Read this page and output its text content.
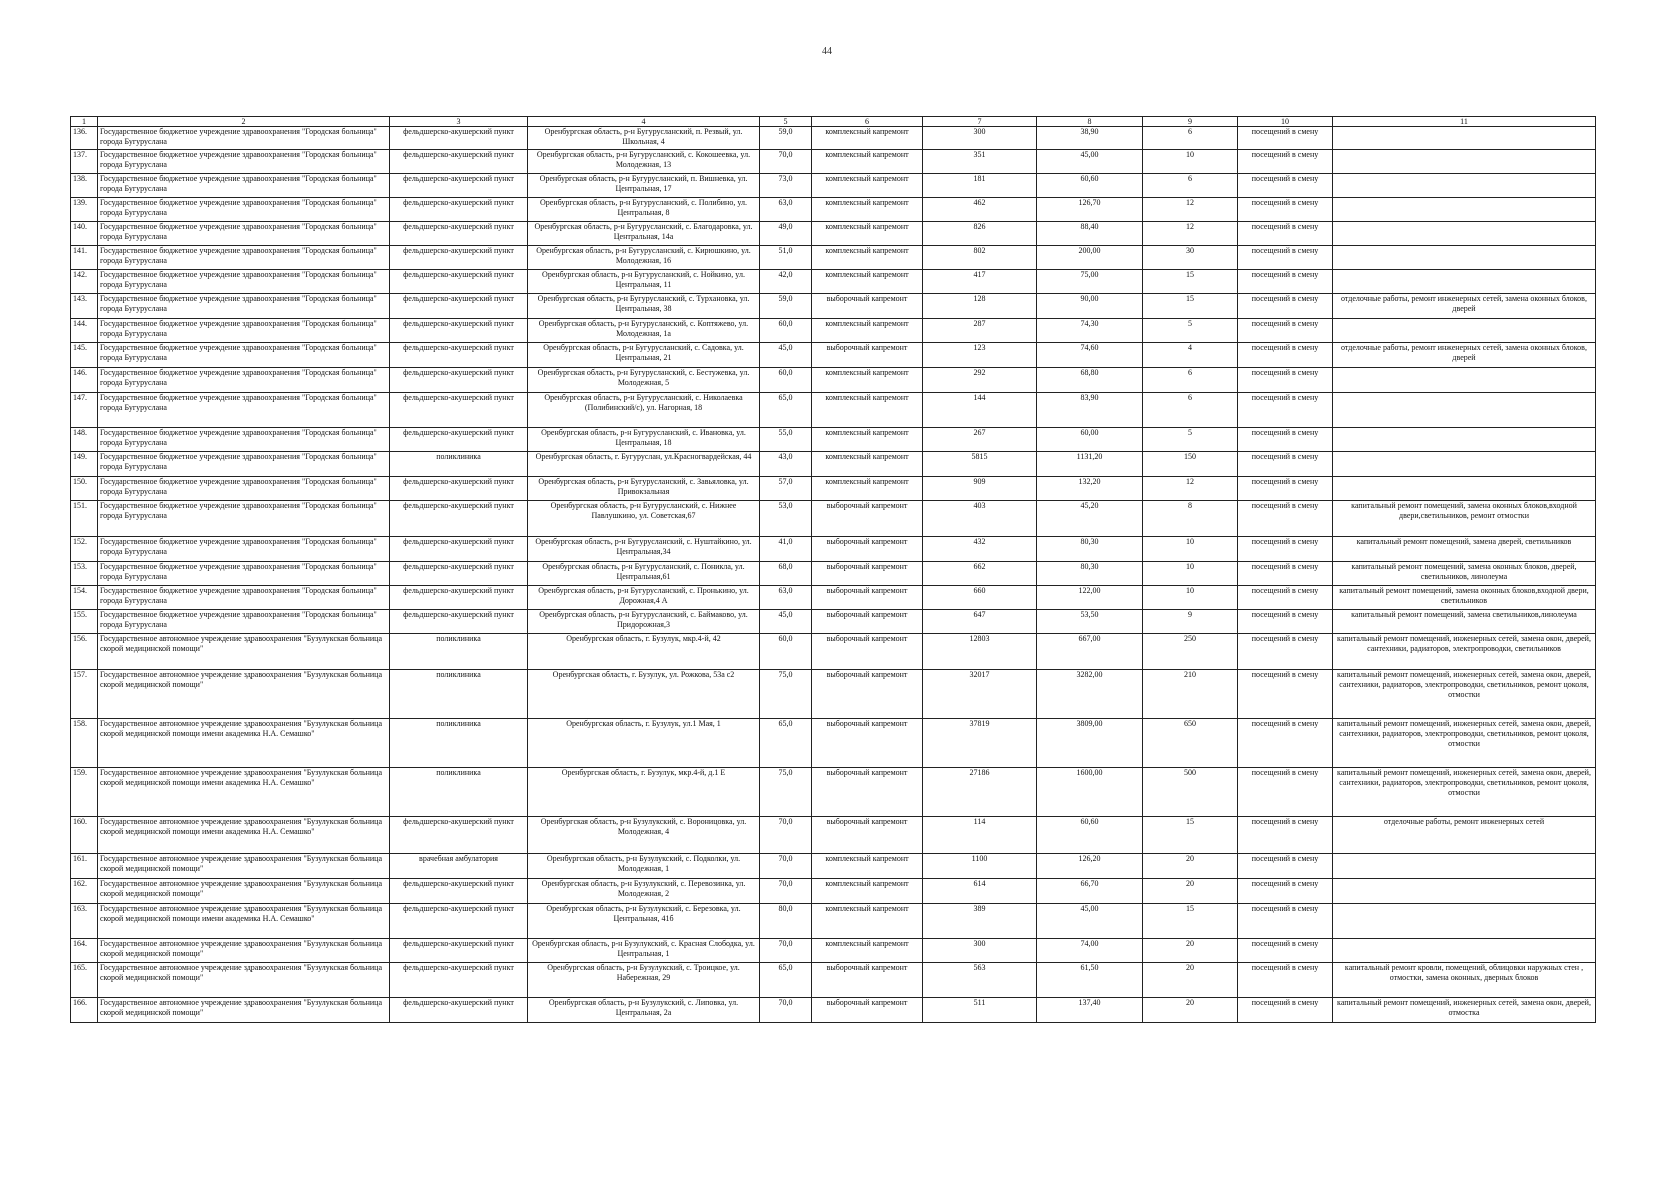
44
1	2	3	4	5	6	7	8	9	10	11

136.	Государственное бюджетное учреждение здравоохранения "Городская больница" города Бугуруслана	фельдшерско-акушерский пункт	Оренбургская область, р-н Бугурусланский, п. Резвый, ул. Школьная, 4	59,0	комплексный капремонт	300	38,90	6	посещений в смену	

137.	Государственное бюджетное учреждение здравоохранения "Городская больница" города Бугуруслана	фельдшерско-акушерский пункт	Оренбургская область, р-н Бугурусланский, с. Кокошеевка, ул. Молодежная, 13	70,0	комплексный капремонт	351	45,00	10	посещений в смену	

138.	Государственное бюджетное учреждение здравоохранения "Городская больница" города Бугуруслана	фельдшерско-акушерский пункт	Оренбургская область, р-н Бугурусланский, п. Вишневка, ул. Центральная, 17	73,0	комплексный капремонт	181	60,60	6	посещений в смену	

139.	Государственное бюджетное учреждение здравоохранения "Городская больница" города Бугуруслана	фельдшерско-акушерский пункт	Оренбургская область, р-н Бугурусланский, с. Полибино, ул. Центральная, 8	63,0	комплексный капремонт	462	126,70	12	посещений в смену	

140.	Государственное бюджетное учреждение здравоохранения "Городская больница" города Бугуруслана	фельдшерско-акушерский пункт	Оренбургская область, р-н Бугурусланский, с. Благодаровка, ул. Центральная, 14а	49,0	комплексный капремонт	826	88,40	12	посещений в смену	

141.	Государственное бюджетное учреждение здравоохранения "Городская больница" города Бугуруслана	фельдшерско-акушерский пункт	Оренбургская область, р-н Бугурусланский, с. Кирюшкино, ул. Молодежная, 16	51,0	комплексный капремонт	802	200,00	30	посещений в смену	

142.	Государственное бюджетное учреждение здравоохранения "Городская больница" города Бугуруслана	фельдшерско-акушерский пункт	Оренбургская область, р-н Бугурусланский, с. Нойкино, ул. Центральная, 11	42,0	комплексный капремонт	417	75,00	15	посещений в смену	

143.	Государственное бюджетное учреждение здравоохранения "Городская больница" города Бугуруслана	фельдшерско-акушерский пункт	Оренбургская область, р-н Бугурусланский, с. Турхановка, ул. Центральная, 38	59,0	выборочный капремонт	128	90,00	15	посещений в смену	отделочные работы, ремонт инженерных сетей, замена оконных блоков, дверей

144.	Государственное бюджетное учреждение здравоохранения "Городская больница" города Бугуруслана	фельдшерско-акушерский пункт	Оренбургская область, р-н Бугурусланский, с. Коптяжево, ул. Молодежная, 1а	60,0	комплексный капремонт	287	74,30	5	посещений в смену	

145.	Государственное бюджетное учреждение здравоохранения "Городская больница" города Бугуруслана	фельдшерско-акушерский пункт	Оренбургская область, р-н Бугурусланский, с. Садовка, ул. Центральная, 21	45,0	выборочный капремонт	123	74,60	4	посещений в смену	отделочные работы, ремонт инженерных сетей, замена оконных блоков, дверей

146.	Государственное бюджетное учреждение здравоохранения "Городская больница" города Бугуруслана	фельдшерско-акушерский пункт	Оренбургская область, р-н Бугурусланский, с. Бестужевка, ул. Молодежная, 5	60,0	комплексный капремонт	292	68,80	6	посещений в смену	

147.	Государственное бюджетное учреждение здравоохранения "Городская больница" города Бугуруслана	фельдшерско-акушерский пункт	Оренбургская область, р-н Бугурусланский, с. Николаевка (Полибинский/с), ул. Нагорная, 18	65,0	комплексный капремонт	144	83,90	6	посещений в смену	

148.	Государственное бюджетное учреждение здравоохранения "Городская больница" города Бугуруслана	фельдшерско-акушерский пункт	Оренбургская область, р-н Бугурусланский, с. Ивановка, ул. Центральная, 18	55,0	комплексный капремонт	267	60,00	5	посещений в смену	

149.	Государственное бюджетное учреждение здравоохранения "Городская больница" города Бугуруслана	поликлиника	Оренбургская область, г. Бугуруслан, ул.Красногвардейская, 44	43,0	комплексный капремонт	5815	1131,20	150	посещений в смену	

150.	Государственное бюджетное учреждение здравоохранения "Городская больница" города Бугуруслана	фельдшерско-акушерский пункт	Оренбургская область, р-н Бугурусланский, с. Завьяловка, ул. Привокзальная	57,0	комплексный капремонт	909	132,20	12	посещений в смену	

151.	Государственное бюджетное учреждение здравоохранения "Городская больница" города Бугуруслана	фельдшерско-акушерский пункт	Оренбургская область, р-н Бугурусланский, с. Нижнее Павлушкино, ул. Советская,67	53,0	выборочный капремонт	403	45,20	8	посещений в смену	капитальный ремонт помещений, замена оконных блоков,входной двери,светильников, ремонт отмостки

152.	Государственное бюджетное учреждение здравоохранения "Городская больница" города Бугуруслана	фельдшерско-акушерский пункт	Оренбургская область, р-н Бугурусланский, с. Нуштайкино, ул. Центральная,34	41,0	выборочный капремонт	432	80,30	10	посещений в смену	капитальный ремонт помещений, замена дверей, светильников

153.	Государственное бюджетное учреждение здравоохранения "Городская больница" города Бугуруслана	фельдшерско-акушерский пункт	Оренбургская область, р-н Бугурусланский, с. Пониклa, ул. Центральная,61	68,0	выборочный капремонт	662	80,30	10	посещений в смену	капитальный ремонт помещений, замена оконных блоков, дверей, светильников, линолеума

154.	Государственное бюджетное учреждение здравоохранения "Городская больница" города Бугуруслана	фельдшерско-акушерский пункт	Оренбургская область, р-н Бугурусланский, с. Пронькино, ул. Дорожная,4 А	63,0	выборочный капремонт	660	122,00	10	посещений в смену	капитальный ремонт помещений, замена оконных блоков,входной двери, светильников

155.	Государственное бюджетное учреждение здравоохранения "Городская больница" города Бугуруслана	фельдшерско-акушерский пункт	Оренбургская область, р-н Бугурусланский, с. Баймаково, ул. Придорожная,3	45,0	выборочный капремонт	647	53,50	9	посещений в смену	капитальный ремонт помещений, замена светильников,линолеума

156.	Государственное автономное учреждение здравоохранения "Бузулукская больница скорой медицинской помощи"	поликлиника	Оренбургская область, г. Бузулук, мкр.4-й, 42	60,0	выборочный капремонт	12803	667,00	250	посещений в смену	капитальный ремонт помещений, инженерных сетей, замена окон, дверей, сантехники, радиаторов, электропроводки, светильников

157.	Государственное автономное учреждение здравоохранения "Бузулукская больница скорой медицинской помощи"	поликлиника	Оренбургская область, г. Бузулук, ул. Рожкова, 53а с2	75,0	выборочный капремонт	32017	3282,00	210	посещений в смену	капитальный ремонт помещений, инженерных сетей, замена окон, дверей, сантехники, радиаторов, электропроводки, светильников, ремонт цоколя, отмостки

158.	Государственное автономное учреждение здравоохранения "Бузулукская больница скорой медицинской помощи имени академика Н.А. Семашко"	поликлиника	Оренбургская область, г. Бузулук, ул.1 Мая, 1	65,0	выборочный капремонт	37819	3809,00	650	посещений в смену	капитальный ремонт помещений, инженерных сетей, замена окон, дверей, сантехники, радиаторов, электропроводки, светильников, ремонт цоколя, отмостки

159.	Государственное автономное учреждение здравоохранения "Бузулукская больница скорой медицинской помощи имени академика Н.А. Семашко"	поликлиника	Оренбургская область, г. Бузулук, мкр.4-й, д.1 Е	75,0	выборочный капремонт	27186	1600,00	500	посещений в смену	капитальный ремонт помещений, инженерных сетей, замена окон, дверей, сантехники, радиаторов, электропроводки, светильников, ремонт цоколя, отмостки

160.	Государственное автономное учреждение здравоохранения "Бузулукская больница скорой медицинской помощи имени академика Н.А. Семашко"	фельдшерско-акушерский пункт	Оренбургская область, р-н Бузулукский, с. Вороницовка, ул. Молодежная, 4	70,0	выборочный капремонт	114	60,60	15	посещений в смену	отделочные работы, ремонт инженерных сетей

161.	Государственное автономное учреждение здравоохранения "Бузулукская больница скорой медицинской помощи"	врачебная амбулатория	Оренбургская область, р-н Бузулукский, с. Подколки, ул. Молодежная, 1	70,0	комплексный капремонт	1100	126,20	20	посещений в смену	

162.	Государственное автономное учреждение здравоохранения "Бузулукская больница скорой медицинской помощи"	фельдшерско-акушерский пункт	Оренбургская область, р-н Бузулукский, с. Перевозинка, ул. Молодежная, 2	70,0	комплексный капремонт	614	66,70	20	посещений в смену	

163.	Государственное автономное учреждение здравоохранения "Бузулукская больница скорой медицинской помощи имени академика Н.А. Семашко"	фельдшерско-акушерский пункт	Оренбургская область, р-н Бузулукский, с. Березовка, ул. Центральная, 41б	80,0	комплексный капремонт	389	45,00	15	посещений в смену	

164.	Государственное автономное учреждение здравоохранения "Бузулукская больница скорой медицинской помощи"	фельдшерско-акушерский пункт	Оренбургская область, р-н Бузулукский, с. Красная Слободка, ул. Центральная, 1	70,0	комплексный капремонт	300	74,00	20	посещений в смену	

165.	Государственное автономное учреждение здравоохранения "Бузулукская больница скорой медицинской помощи"	фельдшерско-акушерский пункт	Оренбургская область, р-н Бузулукский, с. Троицкое, ул. Набережная, 29	65,0	выборочный капремонт	563	61,50	20	посещений в смену	капитальный ремонт кровли, помещений, облицовки наружных стен , отмостки, замена оконных, дверных блоков

166.	Государственное автономное учреждение здравоохранения "Бузулукская больница скорой медицинской помощи"	фельдшерско-акушерский пункт	Оренбургская область, р-н Бузулукский, с. Липовка, ул. Центральная, 2а	70,0	выборочный капремонт	511	137,40	20	посещений в смену	капитальный ремонт помещений, инженерных сетей, замена окон, дверей, отмостка
